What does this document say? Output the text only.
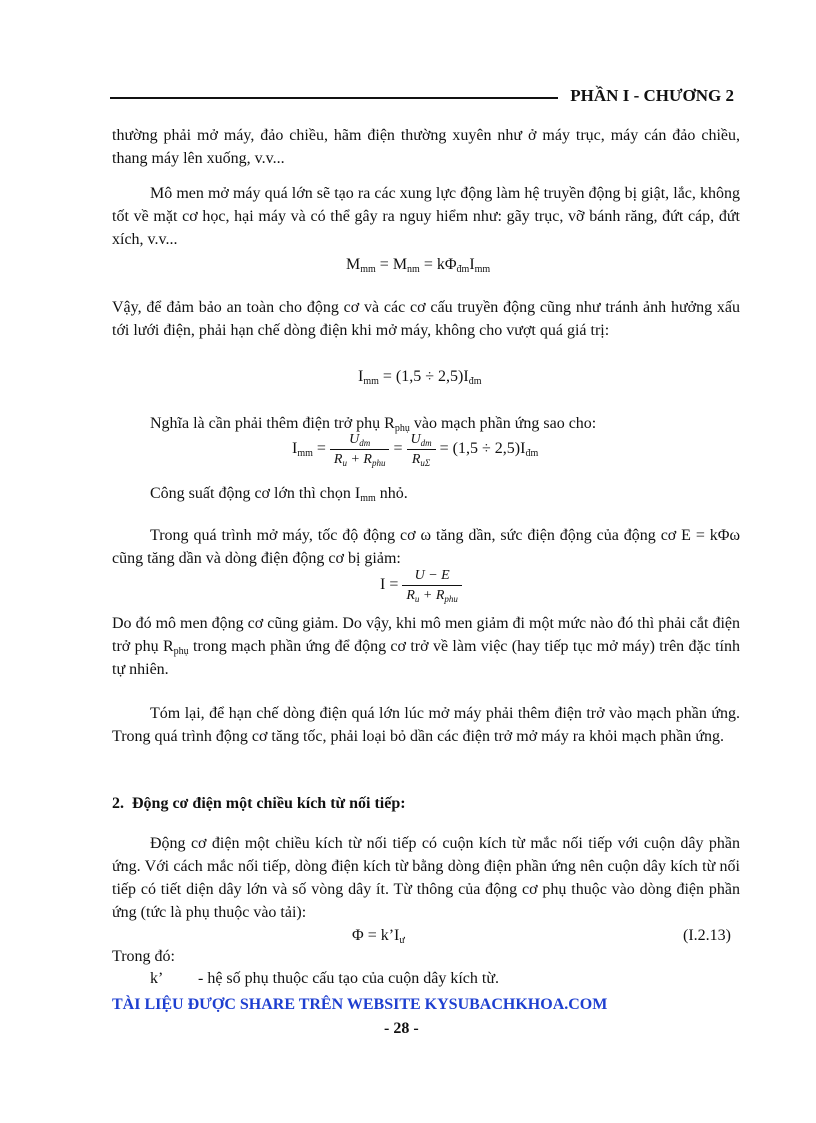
PHẦN I - CHƯƠNG 2

thường phải mở máy, đảo chiều, hãm điện thường xuyên như ở máy trục, máy cán đảo chiều, thang máy lên xuống, v.v...

Mô men mở máy quá lớn sẽ tạo ra các xung lực động làm hệ truyền động bị giật, lắc, không tốt về mặt cơ học, hại máy và có thể gây ra nguy hiểm như: gãy trục, vỡ bánh răng, đứt cáp, đứt xích, v.v...

$M_{mm} = M_{nm} = k\Phi_{đm}I_{mm}$

Vậy, để đảm bảo an toàn cho động cơ và các cơ cấu truyền động cũng như tránh ảnh hưởng xấu tới lưới điện, phải hạn chế dòng điện khi mở máy, không cho vượt quá giá trị:

$I_{mm} = (1,5 \div 2,5)I_{đm}$

Nghĩa là cần phải thêm điện trở phụ $R_{phụ}$ vào mạch phần ứng sao cho:

$I_{mm} = \frac{U_{dm}}{R_u + R_{phu}} = \frac{U_{dm}}{R_{u\Sigma}} = (1,5 \div 2,5)I_{đm}$

Công suất động cơ lớn thì chọn $I_{mm}$ nhỏ.

Trong quá trình mở máy, tốc độ động cơ ω tăng dần, sức điện động của động cơ E = kΦω cũng tăng dần và dòng điện động cơ bị giảm:

$I = \frac{U - E}{R_u + R_{phu}}$

Do đó mô men động cơ cũng giảm. Do vậy, khi mô men giảm đi một mức nào đó thì phải cắt điện trở phụ $R_{phụ}$ trong mạch phần ứng để động cơ trở về làm việc (hay tiếp tục mở máy) trên đặc tính tự nhiên.

Tóm lại, để hạn chế dòng điện quá lớn lúc mở máy phải thêm điện trở vào mạch phần ứng. Trong quá trình động cơ tăng tốc, phải loại bỏ dần các điện trở mở máy ra khỏi mạch phần ứng.

2. Động cơ điện một chiều kích từ nối tiếp:

Động cơ điện một chiều kích từ nối tiếp có cuộn kích từ mắc nối tiếp với cuộn dây phần ứng. Với cách mắc nối tiếp, dòng điện kích từ bằng dòng điện phần ứng nên cuộn dây kích từ nối tiếp có tiết diện dây lớn và số vòng dây ít. Từ thông của động cơ phụ thuộc vào dòng điện phần ứng (tức là phụ thuộc vào tải):

$\Phi = k’I_ư$	(I.2.13)
Trong đó:
k’ - hệ số phụ thuộc cấu tạo của cuộn dây kích từ.
TÀI LIỆU ĐƯỢC SHARE TRÊN WEBSITE KYSUBACHKHOA.COM
- 28 -
